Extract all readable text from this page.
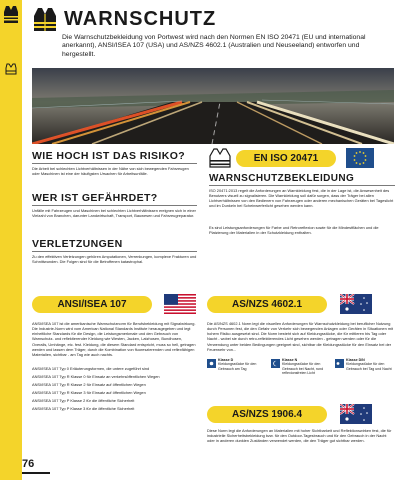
WARNSCHUTZ
Die Warnschutzbekleidung von Portwest wird nach den Normen EN ISO 20471 (EU und international anerkannt), ANSI/ISEA 107 (USA) und AS/NZS 4602.1 (Australien und Neuseeland) entworfen und hergestellt.
WIE HOCH IST DAS RISIKO?
Die Arbeit bei schlechten Lichtverhältnissen in der Nähe von sich bewegenden Fahrzeugen oder Maschinen ist eine der häufigsten Ursachen für Arbeitsunfälle.
WER IST GEFÄHRDET?
Unfälle mit Fahrzeugen und Maschinen bei schlechten Lichtverhältnissen ereignen sich in einer Vielzahl von Branchen, darunter Landwirtschaft, Transport, Bauwesen und Fahrzeugreparatur.
VERLETZUNGEN
Zu den effektiven Verletzungen gehören Amputationen, Verrenkungen, komplexe Frakturen und Schnittwunden. Die Folgen sind für die Betroffenen katastrophal.
EN ISO 20471
WARNSCHUTZBEKLEIDUNG
ISO 20471:2013 regelt die Anforderungen an Warnkleidung fest, die in der Lage ist, die Anwesenheit des Benutzers visuell zu signalisieren. Die Warnkleidung soll dafür sorgen, dass der Träger bei allen Lichtverhältnissen von den Bedienern von Fahrzeugen oder anderen mechanischen Geräten bei Tageslicht und im Dunkeln bei Scheinwerferlicht gesehen werden kann.
Es sind Leistungsanforderungen für Farbe und Retroreflexion sowie für die Mindestflächen und die Platzierung der Materialien in der Schutzkleidung enthalten.
ANSI/ISEA 107
ANSI/ISEA 107 ist die amerikanische Warnschutznorm für Berufsbekleidung mit Signalwirkung. Die Industrie-Norm wird vom American National Standards Institute herausgegeben und legt einheitliche Standards für die Design, die Leistungsmerkmale und den Gebrauch von Warnschutz- und reflektierender Kleidung wie Westen, Jacken, Latzhosen, Bundhosen, Overalls, Umhänge, etc. fest. Kleidung, die diesem Standard entspricht, muss so hell, getragen werden und lassen dem Träger, durch die Kombination von fluoreszierenden und reflexfähigen Materialien, sichtbar - am Tag wie auch nachts.
ANSI/ISEA 107 Typ 0 Erläuterungsformen, die untere zugeführt sind
ANSI/ISEA 107 Typ R Klasse 0 für Einsatz an verkehrsöffentlichen Wegen
ANSI/ISEA 107 Typ R Klasse 2 für Einsatz auf öffentlichen Wegen
ANSI/ISEA 107 Typ R Klasse 3 für Einsatz auf öffentlichen Wegen
ANSI/ISEA 107 Typ P Klasse 2 für die öffentliche Sicherheit
ANSI/ISEA 107 Typ P Klasse 3 für die öffentliche Sicherheit
AS/NZS 4602.1
Die AS/NZS 4602.1 Norm legt die visuellen Anforderungen für Warnschutzkleidung bei beruflicher Nutzung durch Personen fest, die den Gefahr von Verkehr sich bewegenden Anlagen oder Geräten in Situationen mit hohem Risiko ausgesetzt sind. Die Norm besteht sich auf Kleidungsstücke, die für mittleren bis Tag oder Nacht - wobei sie durch retro-reflektierendes Licht gesehen werden - getragen werden oder für die Verwendung unter beiden Bedingungen geeignet sind, sichtbar die Kleidungsstücke für den Einsatz bei der Feuerwehr von...
Klasse D
Kleidungsstücke für den Gebrauch am Tag
Klasse N
Kleidungsstücke für den Gebrauch bei Nacht, rund reflexionsfreien Licht
Klasse D/N
Kleidungsstücke für den Gebrauch bei Tag und Nacht
AS/NZS 1906.4
Diese Norm legt die Anforderungen an Materialien mit hoher Sichtbarkeit und Reflektionswirken fest, die für industrielle Sicherheitsbekleidung bzw. für den Outdoor-Tagesbrauch und für den Gebrauch in der Nacht oder in anderen dunklen Zuständen verwendet werden, die den Träger gut sichtbar werden.
76
